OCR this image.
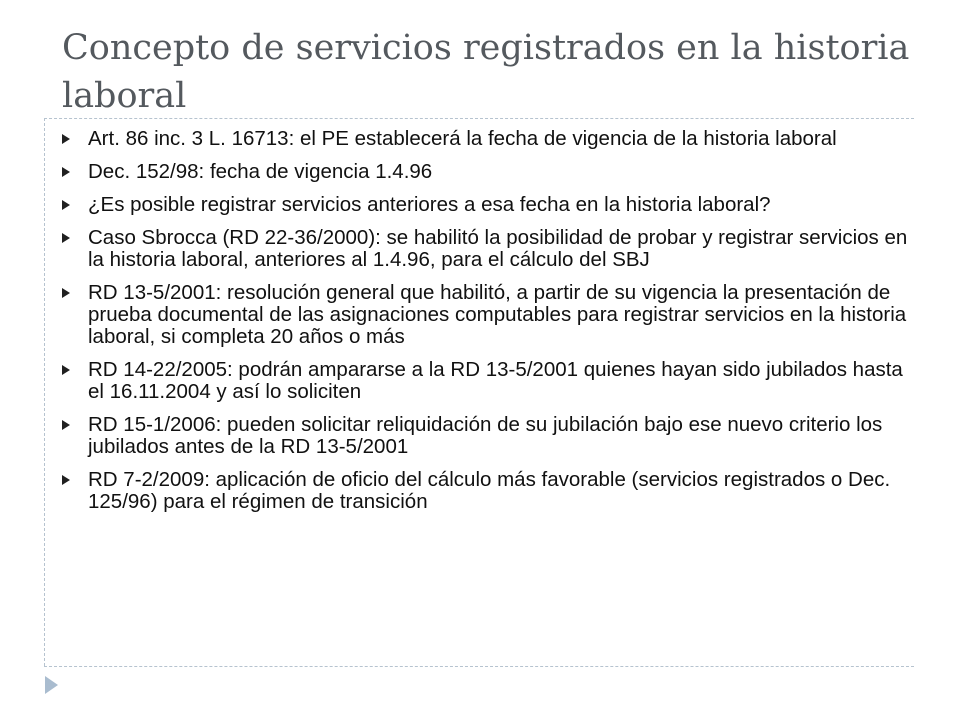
Concepto de servicios registrados en la historia laboral
Art. 86 inc. 3 L. 16713: el PE establecerá la fecha de vigencia de la historia laboral
Dec. 152/98: fecha de vigencia 1.4.96
¿Es posible registrar servicios anteriores a esa fecha en la historia laboral?
Caso Sbrocca (RD 22-36/2000): se habilitó la posibilidad de probar y registrar servicios en la historia laboral, anteriores al 1.4.96, para el cálculo del SBJ
RD 13-5/2001: resolución general que habilitó, a partir de su vigencia la presentación de prueba documental de las asignaciones computables para registrar servicios en la historia laboral, si completa 20 años o más
RD 14-22/2005: podrán ampararse a la RD 13-5/2001 quienes hayan sido jubilados hasta el 16.11.2004 y así lo soliciten
RD 15-1/2006: pueden solicitar reliquidación de su jubilación bajo ese nuevo criterio los jubilados antes de la RD 13-5/2001
RD 7-2/2009: aplicación de oficio del cálculo más favorable (servicios registrados o Dec. 125/96) para el régimen de transición
